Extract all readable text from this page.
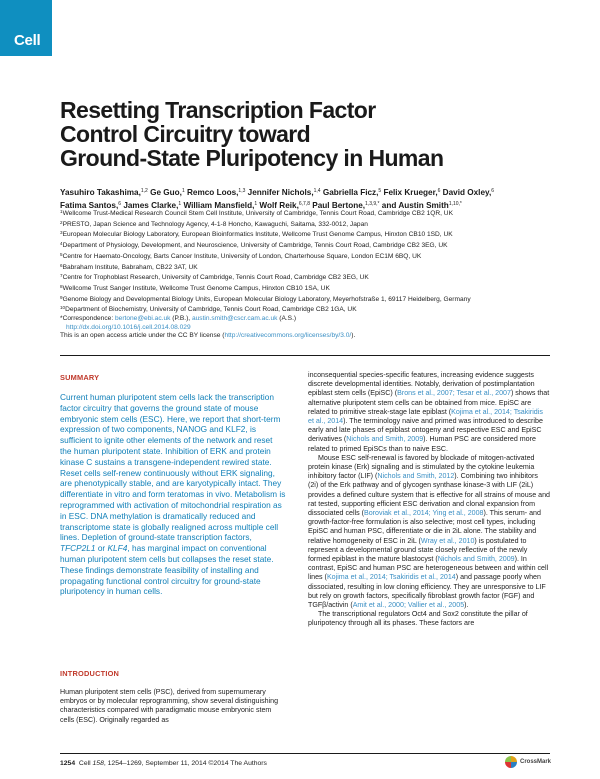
Cell
Resetting Transcription Factor
Control Circuitry toward
Ground-State Pluripotency in Human
Yasuhiro Takashima,$^{1,2}$ Ge Guo,$^1$ Remco Loos,$^{1,3}$ Jennifer Nichols,$^{1,4}$ Gabriella Ficz,$^5$ Felix Krueger,$^6$ David Oxley,$^6$
Fatima Santos,$^6$ James Clarke,$^1$ William Mansfield,$^1$ Wolf Reik,$^{6,7,8}$ Paul Bertone,$^{1,3,9,*}$ and Austin Smith$^{1,10,*}$
$^1$Wellcome Trust-Medical Research Council Stem Cell Institute, University of Cambridge, Tennis Court Road, Cambridge CB2 1QR, UK
$^2$PRESTO, Japan Science and Technology Agency, 4-1-8 Honcho, Kawaguchi, Saitama, 332-0012, Japan
$^3$European Molecular Biology Laboratory, European Bioinformatics Institute, Wellcome Trust Genome Campus, Hinxton CB10 1SD, UK
$^4$Department of Physiology, Development, and Neuroscience, University of Cambridge, Tennis Court Road, Cambridge CB2 3EG, UK
$^5$Centre for Haemato-Oncology, Barts Cancer Institute, University of London, Charterhouse Square, London EC1M 6BQ, UK
$^6$Babraham Institute, Babraham, CB22 3AT, UK
$^7$Centre for Trophoblast Research, University of Cambridge, Tennis Court Road, Cambridge CB2 3EG, UK
$^8$Wellcome Trust Sanger Institute, Wellcome Trust Genome Campus, Hinxton CB10 1SA, UK
$^9$Genome Biology and Developmental Biology Units, European Molecular Biology Laboratory, Meyerhofstraße 1, 69117 Heidelberg, Germany
$^{10}$Department of Biochemistry, University of Cambridge, Tennis Court Road, Cambridge CB2 1GA, UK
*Correspondence: bertone@ebi.ac.uk (P.B.), austin.smith@cscr.cam.ac.uk (A.S.)
http://dx.doi.org/10.1016/j.cell.2014.08.029
This is an open access article under the CC BY license (http://creativecommons.org/licenses/by/3.0/).
SUMMARY
Current human pluripotent stem cells lack the transcription factor circuitry that governs the ground state of mouse embryonic stem cells (ESC). Here, we report that short-term expression of two components, NANOG and KLF2, is sufficient to ignite other elements of the network and reset the human pluripotent state. Inhibition of ERK and protein kinase C sustains a transgene-independent rewired state. Reset cells self-renew continuously without ERK signaling, are phenotypically stable, and are karyotypically intact. They differentiate in vitro and form teratomas in vivo. Metabolism is reprogrammed with activation of mitochondrial respiration as in ESC. DNA methylation is dramatically reduced and transcriptome state is globally realigned across multiple cell lines. Depletion of ground-state transcription factors, TFCP2L1 or KLF4, has marginal impact on conventional human pluripotent stem cells but collapses the reset state. These findings demonstrate feasibility of installing and propagating functional control circuitry for ground-state pluripotency in human cells.
INTRODUCTION
Human pluripotent stem cells (PSC), derived from supernumerary embryos or by molecular reprogramming, show several distinguishing characteristics compared with paradigmatic mouse embryonic stem cells (ESC). Originally regarded as

inconsequential species-specific features, increasing evidence suggests discrete developmental identities. Notably, derivation of postimplantation epiblast stem cells (EpiSC) (Brons et al., 2007; Tesar et al., 2007) shows that alternative pluripotent stem cells can be obtained from mice. EpiSC are related to primitive streak-stage late epiblast (Kojima et al., 2014; Tsakiridis et al., 2014). The terminology naive and primed was introduced to describe early and late phases of epiblast ontogeny and respective ESC and EpiSC derivatives (Nichols and Smith, 2009). Human PSC are considered more related to primed EpiSCs than to naive ESC.

Mouse ESC self-renewal is favored by blockade of mitogen-activated protein kinase (Erk) signaling and is stimulated by the cytokine leukemia inhibitory factor (LIF) (Nichols and Smith, 2012). Combining two inhibitors (2i) of the Erk pathway and of glycogen synthase kinase-3 with LIF (2iL) provides a defined culture system that is effective for all strains of mouse and rat tested, supporting efficient ESC derivation and clonal expansion from dissociated cells (Boroviak et al., 2014; Ying et al., 2008). This serum- and growth-factor-free formulation is also selective; most cell types, including EpiSC and human PSC, differentiate or die in 2iL alone. The stability and relative homogeneity of ESC in 2iL (Wray et al., 2010) is postulated to represent a developmental ground state closely reflective of the newly formed epiblast in the mature blastocyst (Nichols and Smith, 2009). In contrast, EpiSC and human PSC are heterogeneous between and within cell lines (Kojima et al., 2014; Tsakiridis et al., 2014) and passage poorly when dissociated, resulting in low cloning efficiency. They are unresponsive to LIF but rely on growth factors, specifically fibroblast growth factor (FGF) and TGFβ/activin (Amit et al., 2000; Vallier et al., 2005).

The transcriptional regulators Oct4 and Sox2 constitute the pillar of pluripotency through all its phases. These factors are

1254 Cell 158, 1254–1269, September 11, 2014 ©2014 The Authors	CrossMark
